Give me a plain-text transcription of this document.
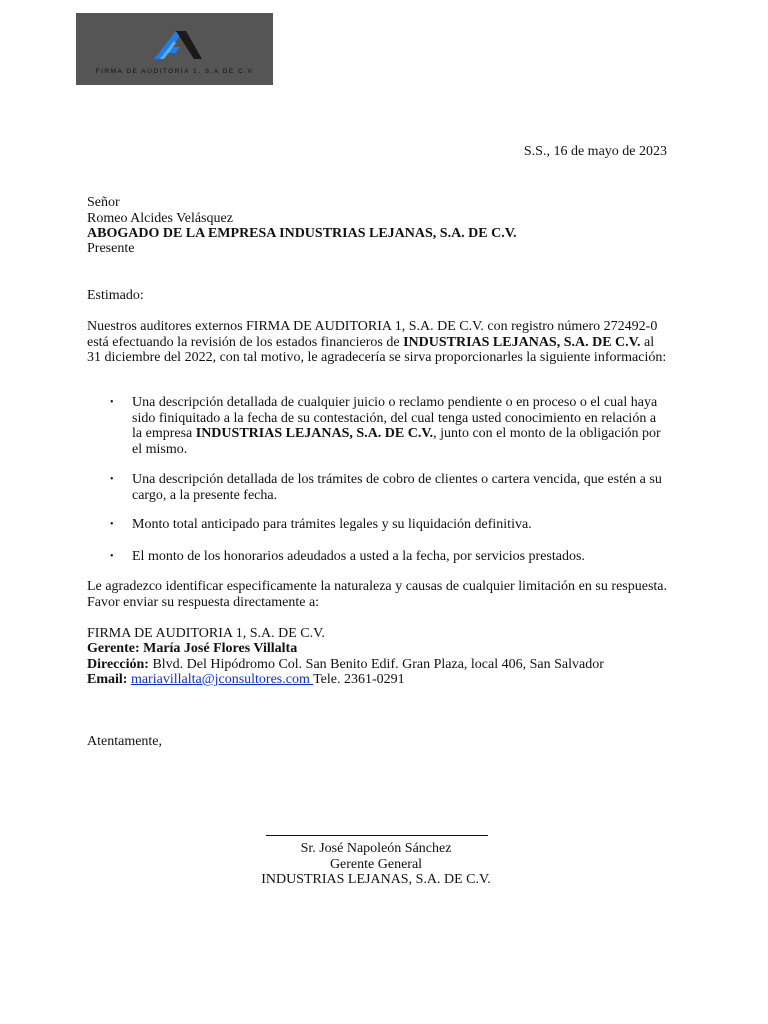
FIRMA DE AUDITORIA 1, S.A DE C.V
S.S., 16 de mayo de 2023
Señor
Romeo Alcides Velásquez
ABOGADO DE LA EMPRESA INDUSTRIAS LEJANAS, S.A. DE C.V.
Presente
Estimado:
Nuestros auditores externos FIRMA DE AUDITORIA 1, S.A. DE C.V. con registro número 272492-0 está efectuando la revisión de los estados financieros de INDUSTRIAS LEJANAS, S.A. DE C.V. al 31 diciembre del 2022, con tal motivo, le agradecería se sirva proporcionarles la siguiente información:
• Una descripción detallada de cualquier juicio o reclamo pendiente o en proceso o el cual haya sido finiquitado a la fecha de su contestación, del cual tenga usted conocimiento en relación a la empresa INDUSTRIAS LEJANAS, S.A. DE C.V., junto con el monto de la obligación por el mismo.
• Una descripción detallada de los trámites de cobro de clientes o cartera vencida, que estén a su cargo, a la presente fecha.
• Monto total anticipado para trámites legales y su liquidación definitiva.
• El monto de los honorarios adeudados a usted a la fecha, por servicios prestados.
Le agradezco identificar especificamente la naturaleza y causas de cualquier limitación en su respuesta. Favor enviar su respuesta directamente a:
FIRMA DE AUDITORIA 1, S.A. DE C.V.
Gerente: María José Flores Villalta
Dirección: Blvd. Del Hipódromo Col. San Benito Edif. Gran Plaza, local 406, San Salvador
Email: mariavillalta@jconsultores.com Tele. 2361-0291
Atentamente,
Sr. José Napoleón Sánchez
Gerente General
INDUSTRIAS LEJANAS, S.A. DE C.V.
